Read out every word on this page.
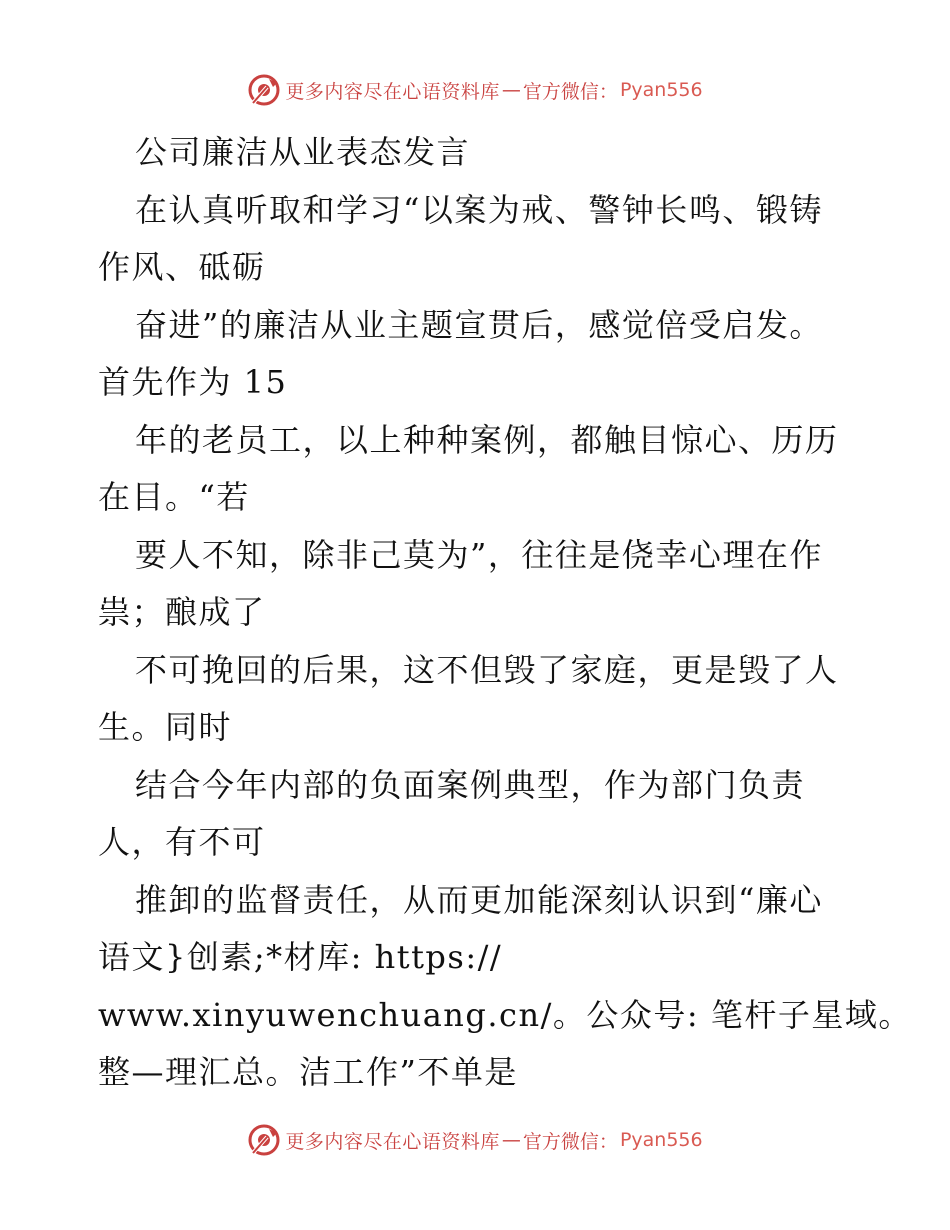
更多内容尽在心语资料库 — 官方微信： Pyan556
公司廉洁从业表态发言
在认真听取和学习“以案为戒、警钟长鸣、锻铸
作风、砥砺
奋进”的廉洁从业主题宣贯后，感觉倍受启发。
首先作为 15
年的老员工，以上种种案例，都触目惊心、历历
在目。“若
要人不知，除非己莫为”，往往是侥幸心理在作
祟；酿成了
不可挽回的后果，这不但毁了家庭，更是毁了人
生。同时
结合今年内部的负面案例典型，作为部门负责
人，有不可
推卸的监督责任，从而更加能深刻认识到“廉心
语文}创素;*材库: https://
www.xinyuwenchuang.cn/。公众号: 笔杆子星域。
整—理汇总。洁工作”不单是
更多内容尽在心语资料库 — 官方微信： Pyan556
